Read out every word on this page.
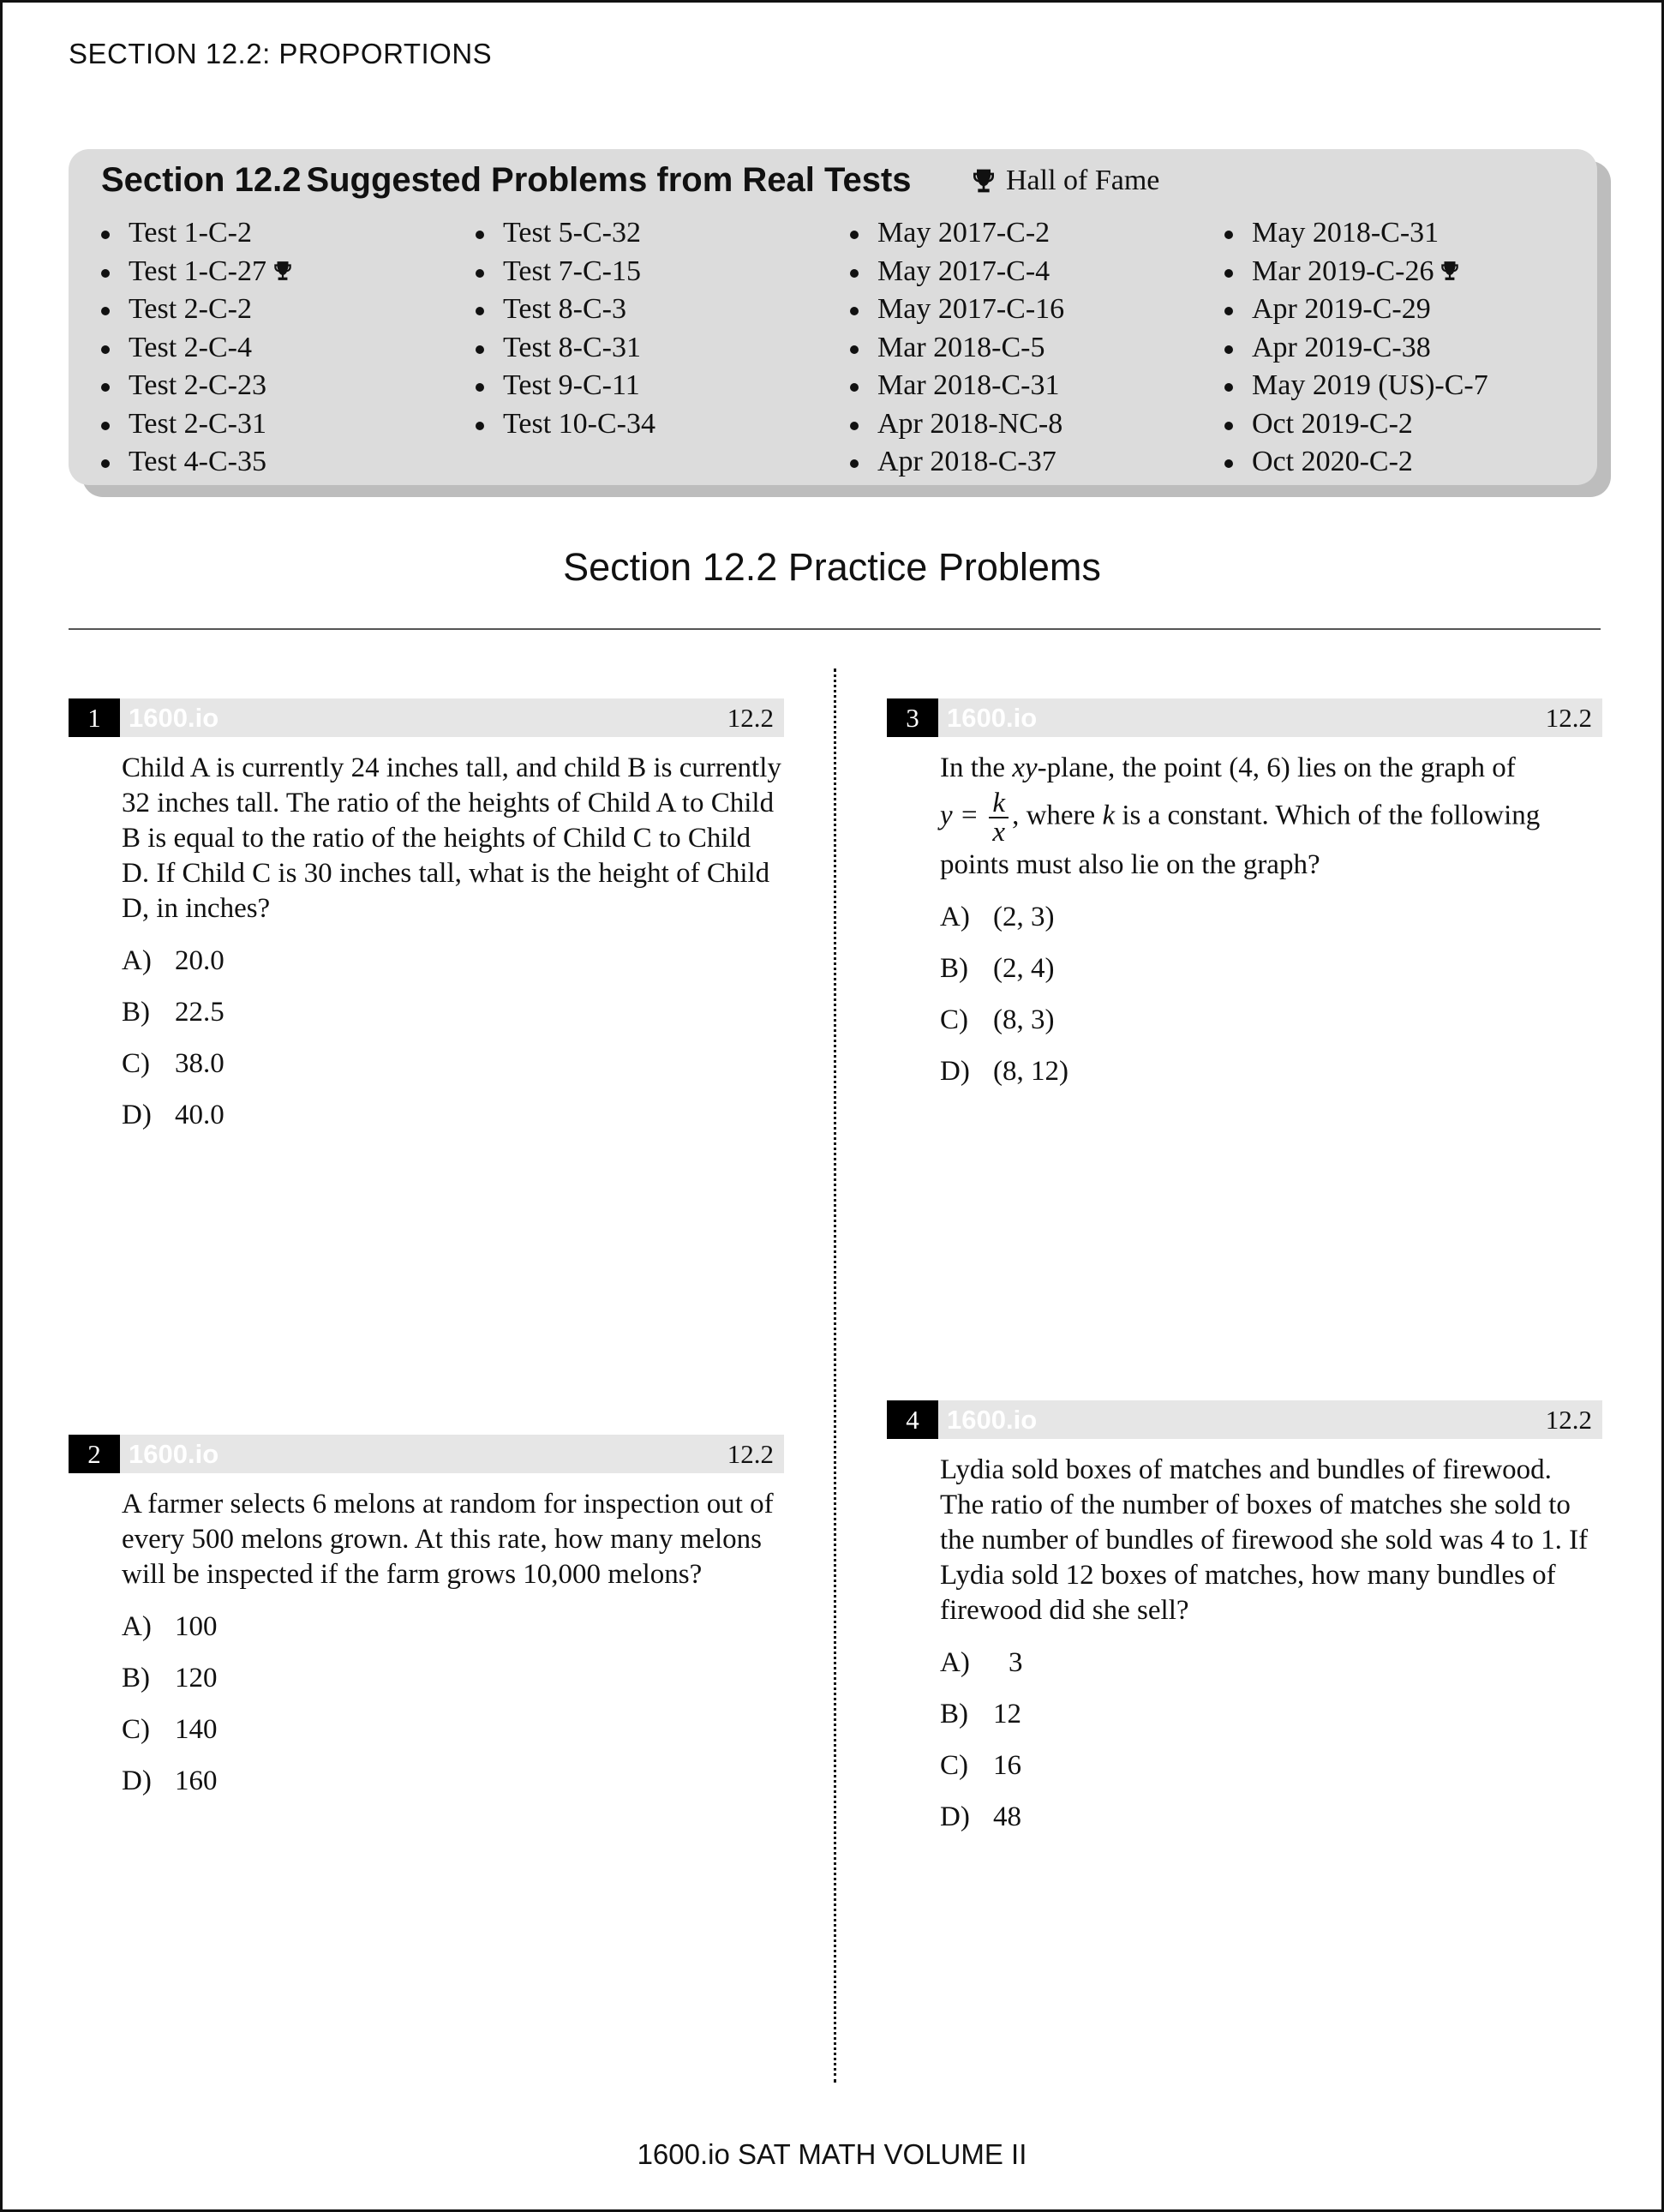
SECTION 12.2: PROPORTIONS
Section 12.2 Suggested Problems from Real Tests	Hall of Fame
Test 1-C-2
Test 1-C-27
Test 2-C-2
Test 2-C-4
Test 2-C-23
Test 2-C-31
Test 4-C-35
Test 5-C-32
Test 7-C-15
Test 8-C-3
Test 8-C-31
Test 9-C-11
Test 10-C-34
May 2017-C-2
May 2017-C-4
May 2017-C-16
Mar 2018-C-5
Mar 2018-C-31
Apr 2018-NC-8
Apr 2018-C-37
May 2018-C-31
Mar 2019-C-26
Apr 2019-C-29
Apr 2019-C-38
May 2019 (US)-C-7
Oct 2019-C-2
Oct 2020-C-2
Section 12.2 Practice Problems
1	1600.io	12.2
Child A is currently 24 inches tall, and child B is currently 32 inches tall. The ratio of the heights of Child A to Child B is equal to the ratio of the heights of Child C to Child D. If Child C is 30 inches tall, what is the height of Child D, in inches?
A) 20.0
B) 22.5
C) 38.0
D) 40.0
2	1600.io	12.2
A farmer selects 6 melons at random for inspection out of every 500 melons grown. At this rate, how many melons will be inspected if the farm grows 10,000 melons?
A) 100
B) 120
C) 140
D) 160
3	1600.io	12.2
In the xy-plane, the point (4, 6) lies on the graph of
$y = \frac{k}{x}$ , where k is a constant. Which of the following
points must also lie on the graph?
A) (2, 3)
B) (2, 4)
C) (8, 3)
D) (8, 12)
4	1600.io	12.2
Lydia sold boxes of matches and bundles of firewood. The ratio of the number of boxes of matches she sold to the number of bundles of firewood she sold was 4 to 1. If Lydia sold 12 boxes of matches, how many bundles of firewood did she sell?
A) 3
B) 12
C) 16
D) 48
1600.io SAT MATH VOLUME II
